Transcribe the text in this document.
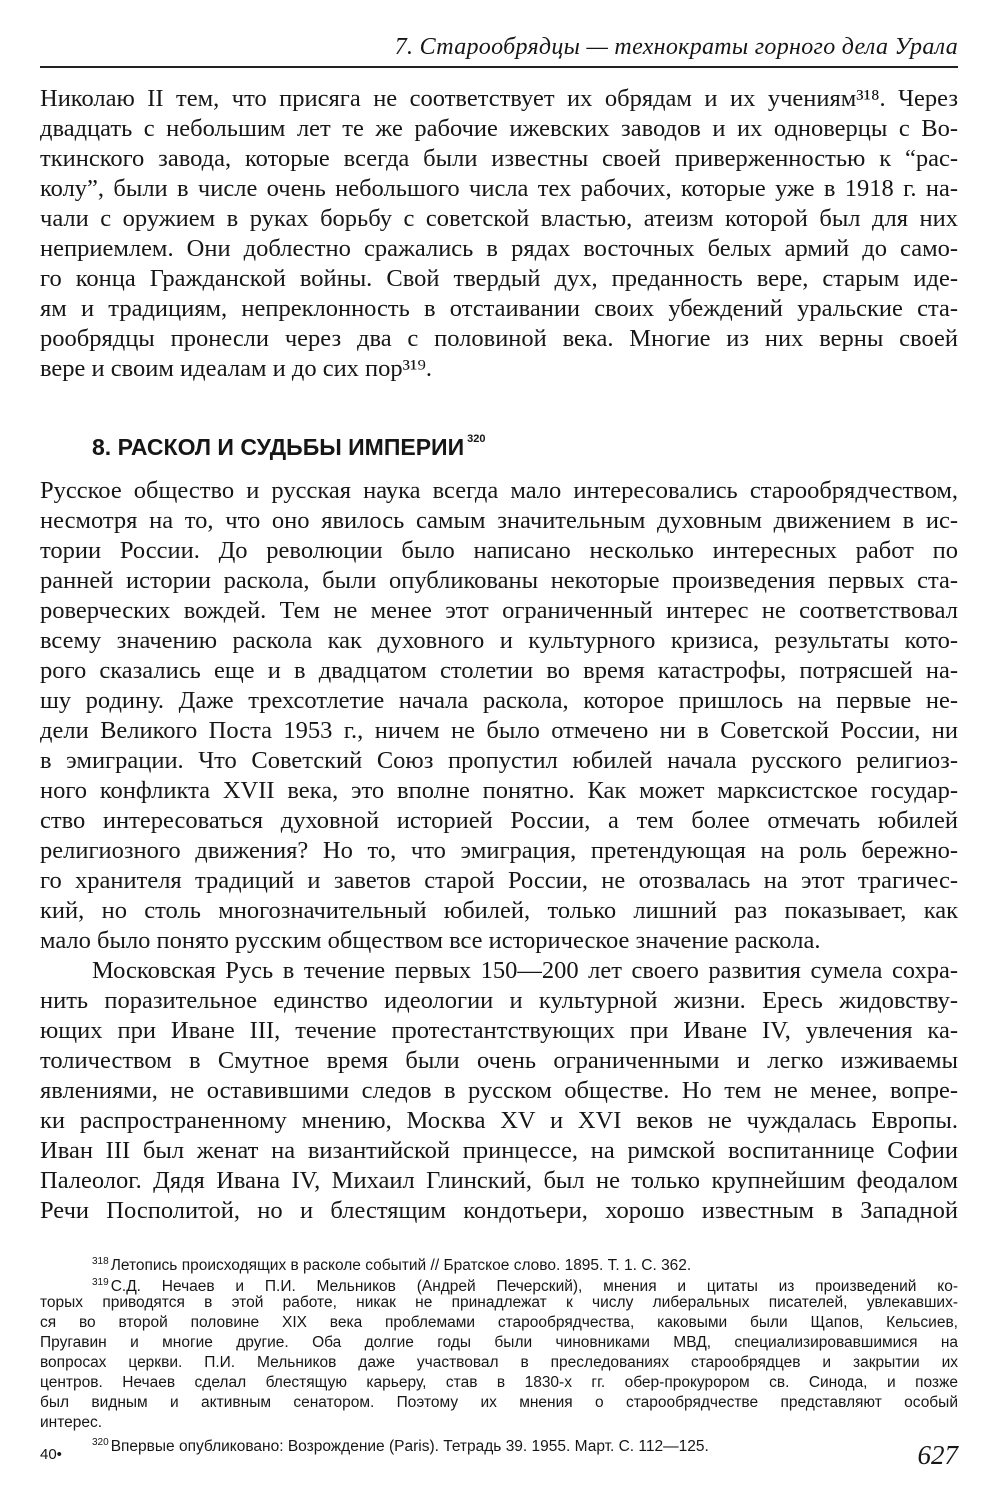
7. Старообрядцы — технократы горного дела Урала
Николаю II тем, что присяга не соответствует их обрядам и их учениям³¹⁸. Через
двадцать с небольшим лет те же рабочие ижевских заводов и их одноверцы с Во-
ткинского завода, которые всегда были известны своей приверженностью к “рас-
колу”, были в числе очень небольшого числа тех рабочих, которые уже в 1918 г. на-
чали с оружием в руках борьбу с советской властью, атеизм которой был для них
неприемлем. Они доблестно сражались в рядах восточных белых армий до само-
го конца Гражданской войны. Свой твердый дух, преданность вере, старым иде-
ям и традициям, непреклонность в отстаивании своих убеждений уральские ста-
рообрядцы пронесли через два с половиной века. Многие из них верны своей
вере и своим идеалам и до сих пор³¹⁹.
8. РАСКОЛ И СУДЬБЫ ИМПЕРИИ $^{320}$
Русское общество и русская наука всегда мало интересовались старообрядчеством,
несмотря на то, что оно явилось самым значительным духовным движением в ис-
тории России. До революции было написано несколько интересных работ по
ранней истории раскола, были опубликованы некоторые произведения первых ста-
роверческих вождей. Тем не менее этот ограниченный интерес не соответствовал
всему значению раскола как духовного и культурного кризиса, результаты кото-
рого сказались еще и в двадцатом столетии во время катастрофы, потрясшей на-
шу родину. Даже трехсотлетие начала раскола, которое пришлось на первые не-
дели Великого Поста 1953 г., ничем не было отмечено ни в Советской России, ни
в эмиграции. Что Советский Союз пропустил юбилей начала русского религиоз-
ного конфликта XVII века, это вполне понятно. Как может марксистское государ-
ство интересоваться духовной историей России, а тем более отмечать юбилей
религиозного движения? Но то, что эмиграция, претендующая на роль бережно-
го хранителя традиций и заветов старой России, не отозвалась на этот трагичес-
кий, но столь многозначительный юбилей, только лишний раз показывает, как
мало было понято русским обществом все историческое значение раскола.
Московская Русь в течение первых 150—200 лет своего развития сумела сохра-
нить поразительное единство идеологии и культурной жизни. Ересь жидовству-
ющих при Иване III, течение протестантствующих при Иване IV, увлечения ка-
толичеством в Смутное время были очень ограниченными и легко изживаемы
явлениями, не оставившими следов в русском обществе. Но тем не менее, вопре-
ки распространенному мнению, Москва XV и XVI веков не чуждалась Европы.
Иван III был женат на византийской принцессе, на римской воспитаннице Софии
Палеолог. Дядя Ивана IV, Михаил Глинский, был не только крупнейшим феодалом
Речи Посполитой, но и блестящим кондотьери, хорошо известным в Западной
$^{318}$ Летопись происходящих в расколе событий // Братское слово. 1895. Т. 1. С. 362.
$^{319}$ С.Д. Нечаев и П.И. Мельников (Андрей Печерский), мнения и цитаты из произведений ко-
торых приводятся в этой работе, никак не принадлежат к числу либеральных писателей, увлекавших-
ся во второй половине XIX века проблемами старообрядчества, каковыми были Щапов, Кельсиев,
Пругавин и многие другие. Оба долгие годы были чиновниками МВД, специализировавшимися на
вопросах церкви. П.И. Мельников даже участвовал в преследованиях старообрядцев и закрытии их
центров. Нечаев сделал блестящую карьеру, став в 1830-х гг. обер-прокурором св. Синода, и позже
был видным и активным сенатором. Поэтому их мнения о старообрядчестве представляют особый
интерес.
$^{320}$ Впервые опубликовано: Возрождение (Paris). Тетрадь 39. 1955. Март. С. 112—125.
40•	627
